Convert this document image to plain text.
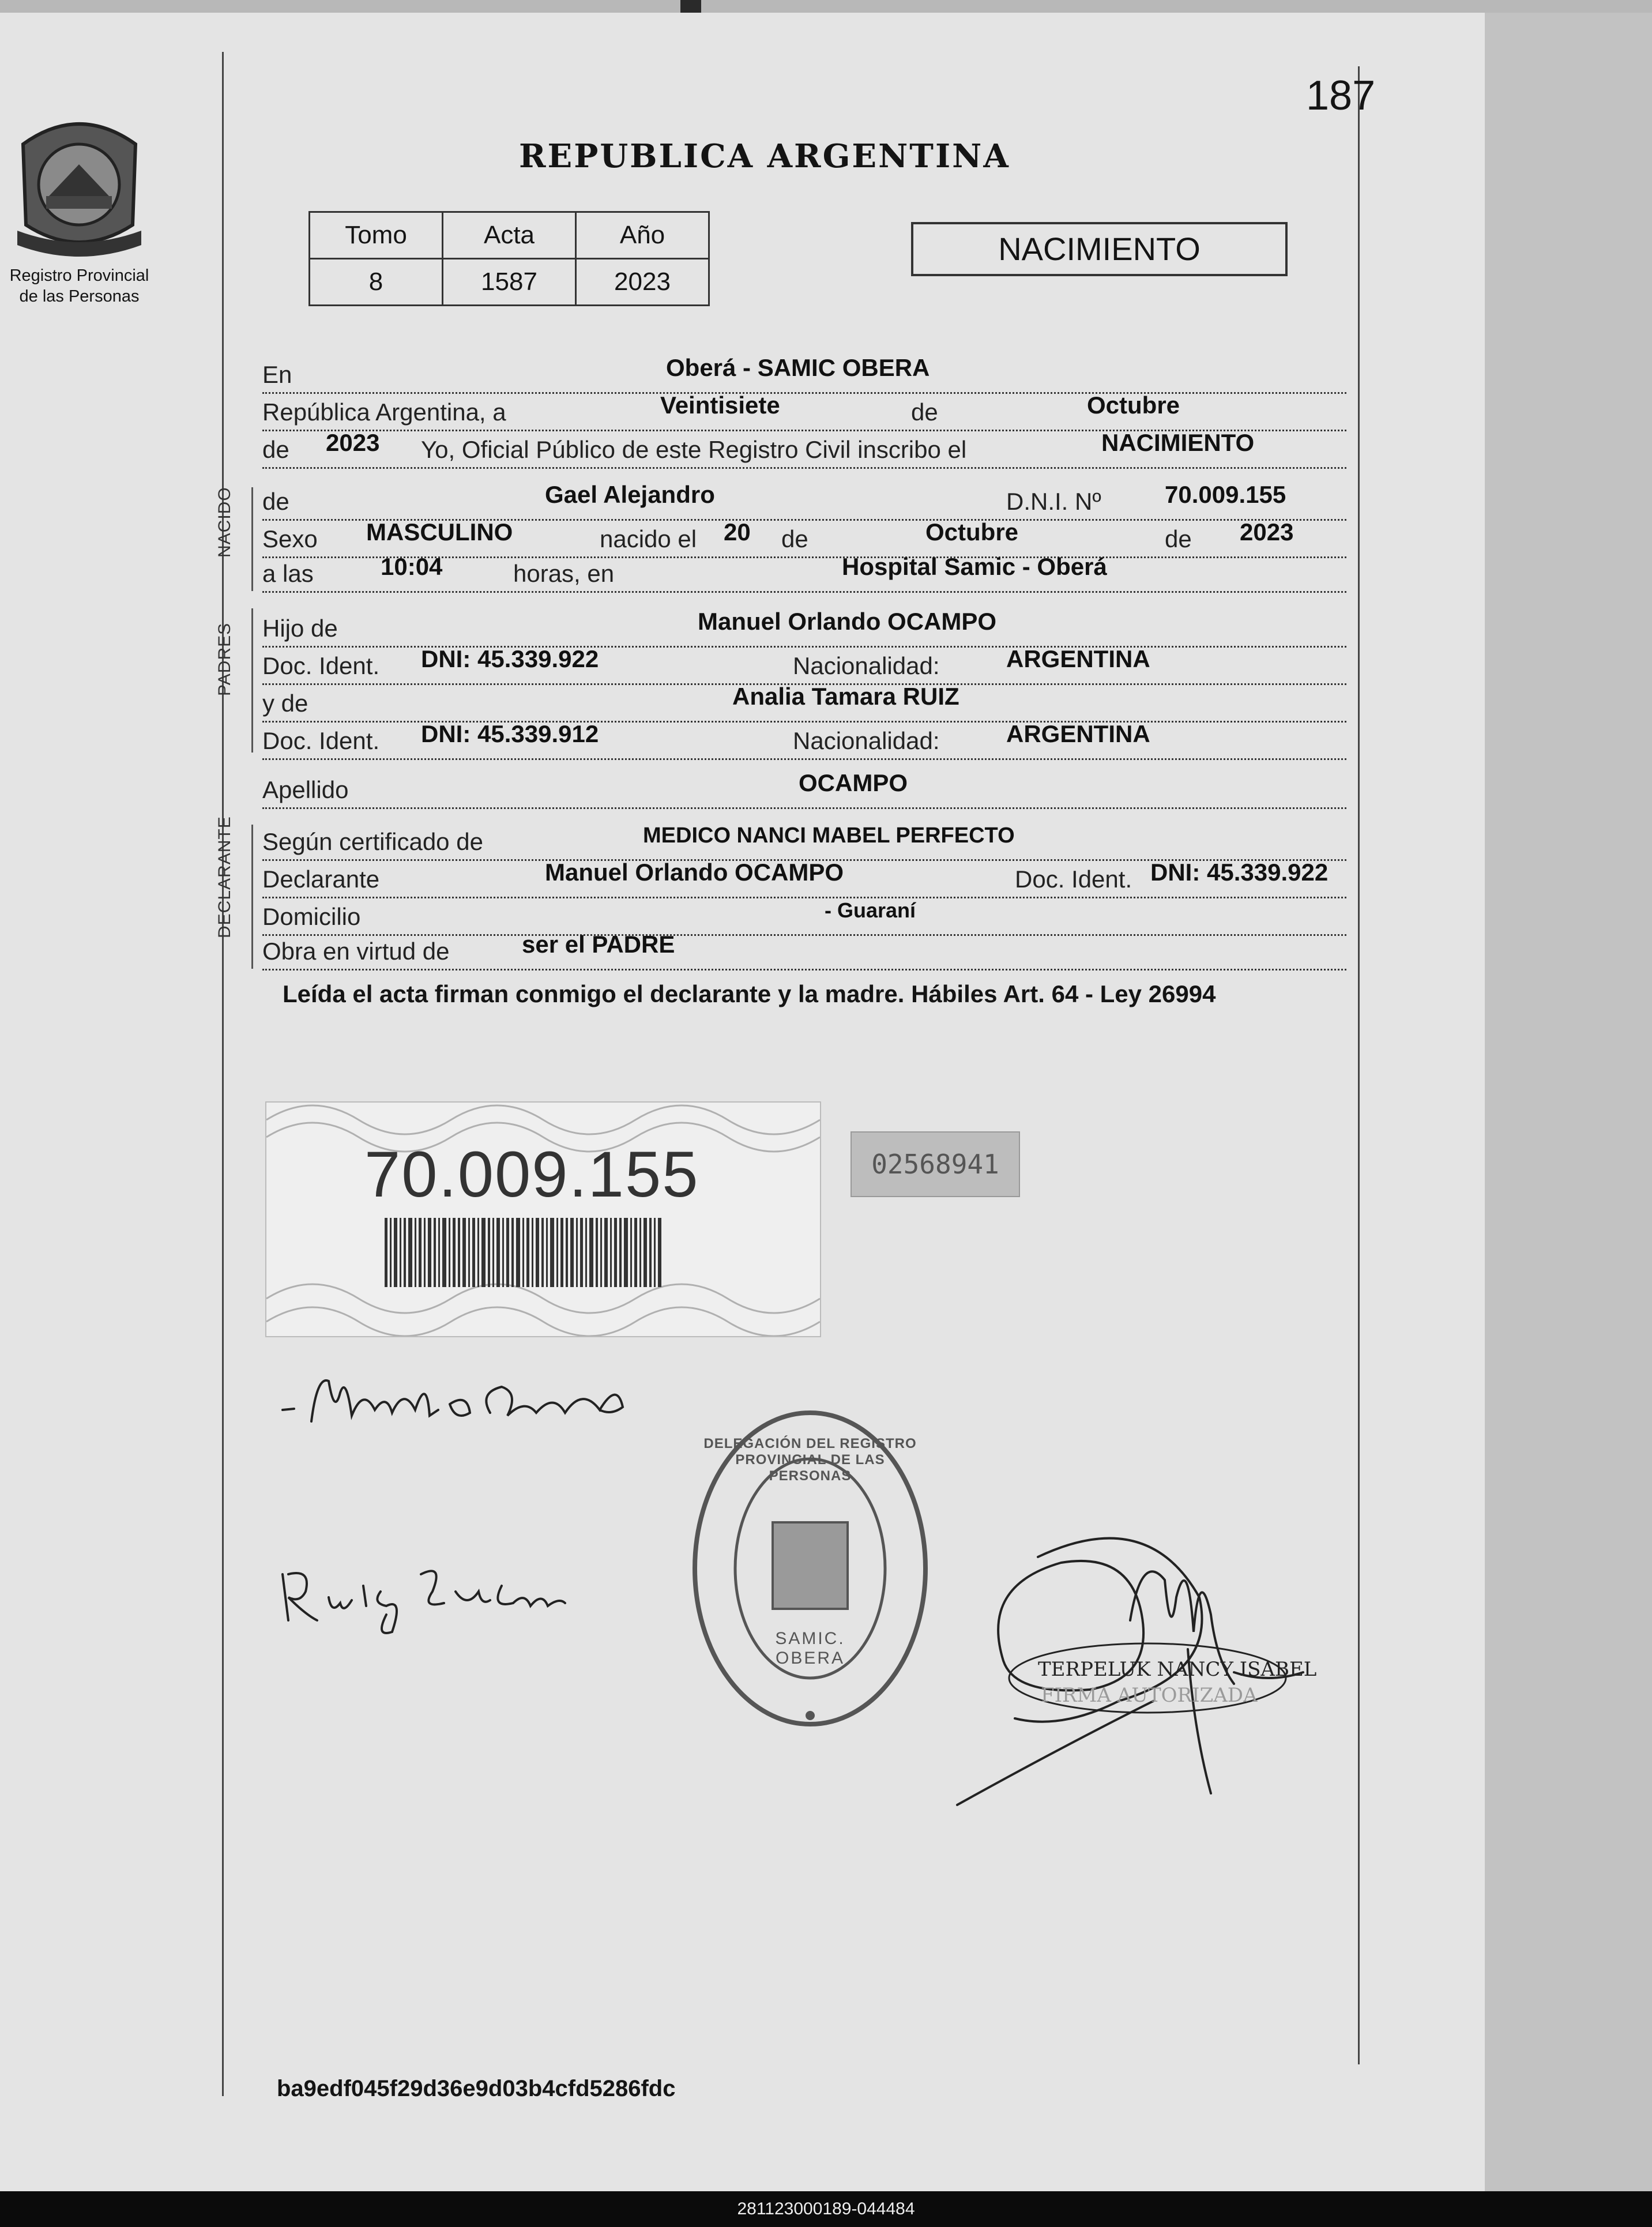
Registro Provincial
de las Personas
187
REPUBLICA ARGENTINA
Tomo	Acta	Año
8	1587	2023
NACIMIENTO
NACIDO
PADRES
DECLARANTE
En	Oberá - SAMIC OBERA
República Argentina, a	Veintisiete	de	Octubre
de 2023 Yo, Oficial Público de este Registro Civil inscribo el	NACIMIENTO
de	Gael Alejandro	D.N.I. Nº	70.009.155
Sexo MASCULINO	nacido el 20 de	Octubre	de 2023
a las	10:04	horas, en	Hospital Samic - Oberá
Hijo de	Manuel Orlando OCAMPO
Doc. Ident. DNI: 45.339.922	Nacionalidad:	ARGENTINA
y de	Analia Tamara RUIZ
Doc. Ident. DNI: 45.339.912	Nacionalidad:	ARGENTINA
Apellido	OCAMPO
Según certificado de	MEDICO NANCI MABEL PERFECTO
Declarante	Manuel Orlando OCAMPO	Doc. Ident. DNI: 45.339.922
Domicilio	- Guaraní
Obra en virtud de	ser el PADRE
Leída el acta firman conmigo el declarante y la madre. Hábiles Art. 64 - Ley 26994
70.009.155	02568941
DELEGACIÓN DEL REGISTRO PROVINCIAL DE LAS PERSONAS
SAMIC. OBERA	TERPELUK NANCY ISABEL
FIRMA AUTORIZADA
ba9edf045f29d36e9d03b4cfd5286fdc
281123000189-044484
